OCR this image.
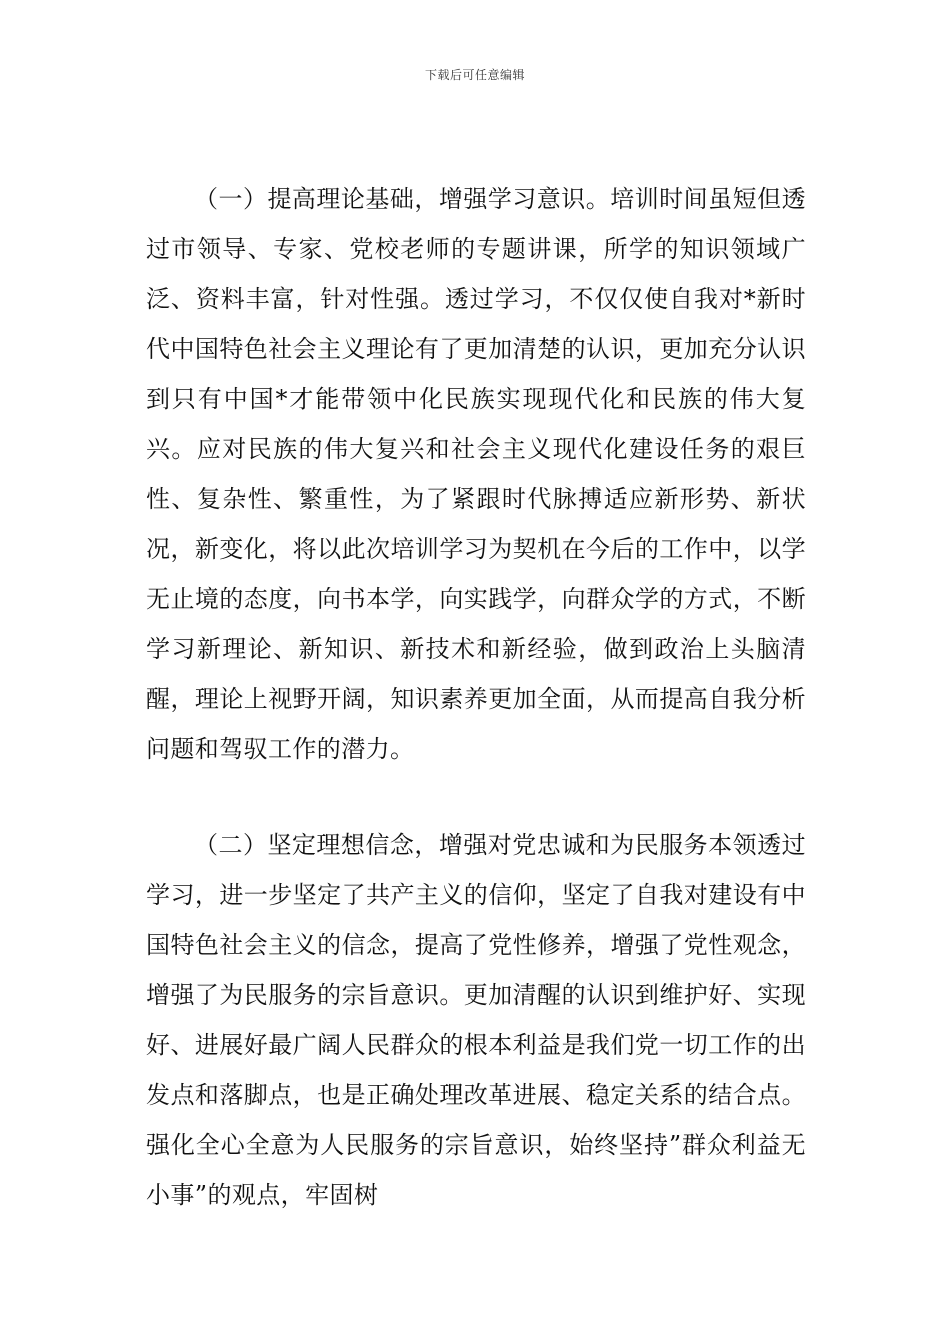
下载后可任意编辑

（一）提高理论基础，增强学习意识。培训时间虽短但透过市领导、专家、党校老师的专题讲课，所学的知识领域广泛、资料丰富，针对性强。透过学习，不仅仅使自我对*新时代中国特色社会主义理论有了更加清楚的认识，更加充分认识到只有中国*才能带领中化民族实现现代化和民族的伟大复兴。应对民族的伟大复兴和社会主义现代化建设任务的艰巨性、复杂性、繁重性，为了紧跟时代脉搏适应新形势、新状况，新变化，将以此次培训学习为契机在今后的工作中，以学无止境的态度，向书本学，向实践学，向群众学的方式，不断学习新理论、新知识、新技术和新经验，做到政治上头脑清醒，理论上视野开阔，知识素养更加全面，从而提高自我分析问题和驾驭工作的潜力。

（二）坚定理想信念，增强对党忠诚和为民服务本领透过学习，进一步坚定了共产主义的信仰，坚定了自我对建设有中国特色社会主义的信念，提高了党性修养，增强了党性观念，增强了为民服务的宗旨意识。更加清醒的认识到维护好、实现好、进展好最广阔人民群众的根本利益是我们党一切工作的出发点和落脚点，也是正确处理改革进展、稳定关系的结合点。强化全心全意为人民服务的宗旨意识，始终坚持”群众利益无小事”的观点，牢固树
